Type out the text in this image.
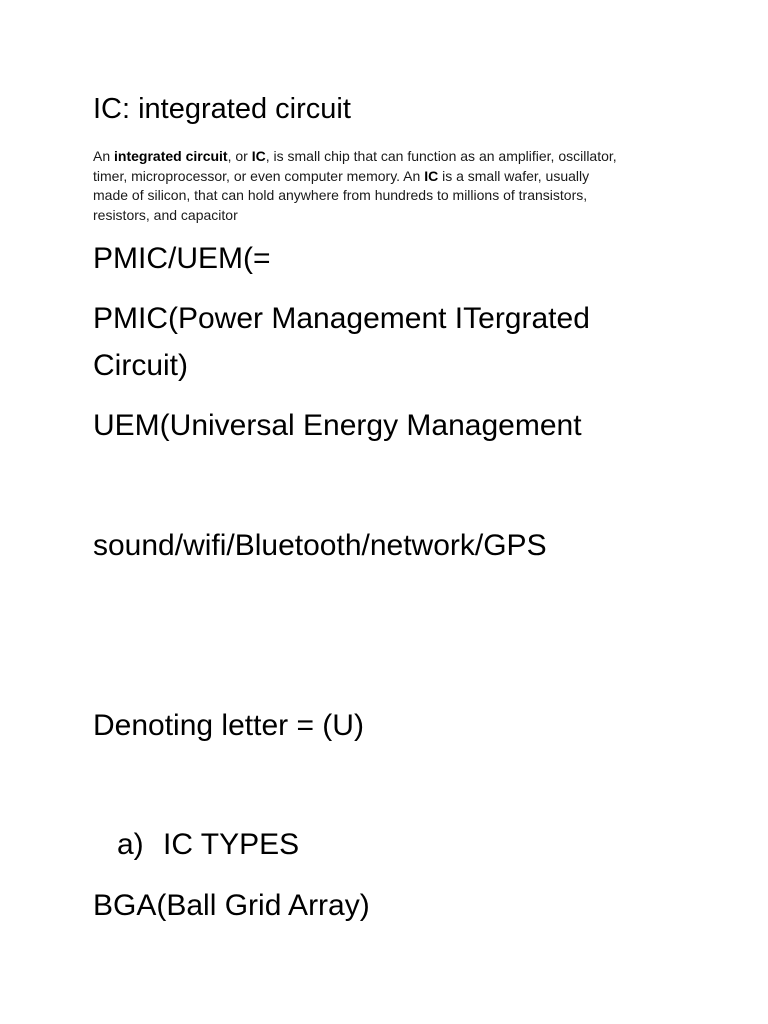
IC: integrated circuit
An integrated circuit, or IC, is small chip that can function as an amplifier, oscillator,
timer, microprocessor, or even computer memory. An IC is a small wafer, usually
made of silicon, that can hold anywhere from hundreds to millions of transistors,
resistors, and capacitor
PMIC/UEM(=
PMIC(Power Management ITergrated
Circuit)
UEM(Universal Energy Management
sound/wifi/Bluetooth/network/GPS
Denoting letter = (U)
a) IC TYPES
BGA(Ball Grid Array)
